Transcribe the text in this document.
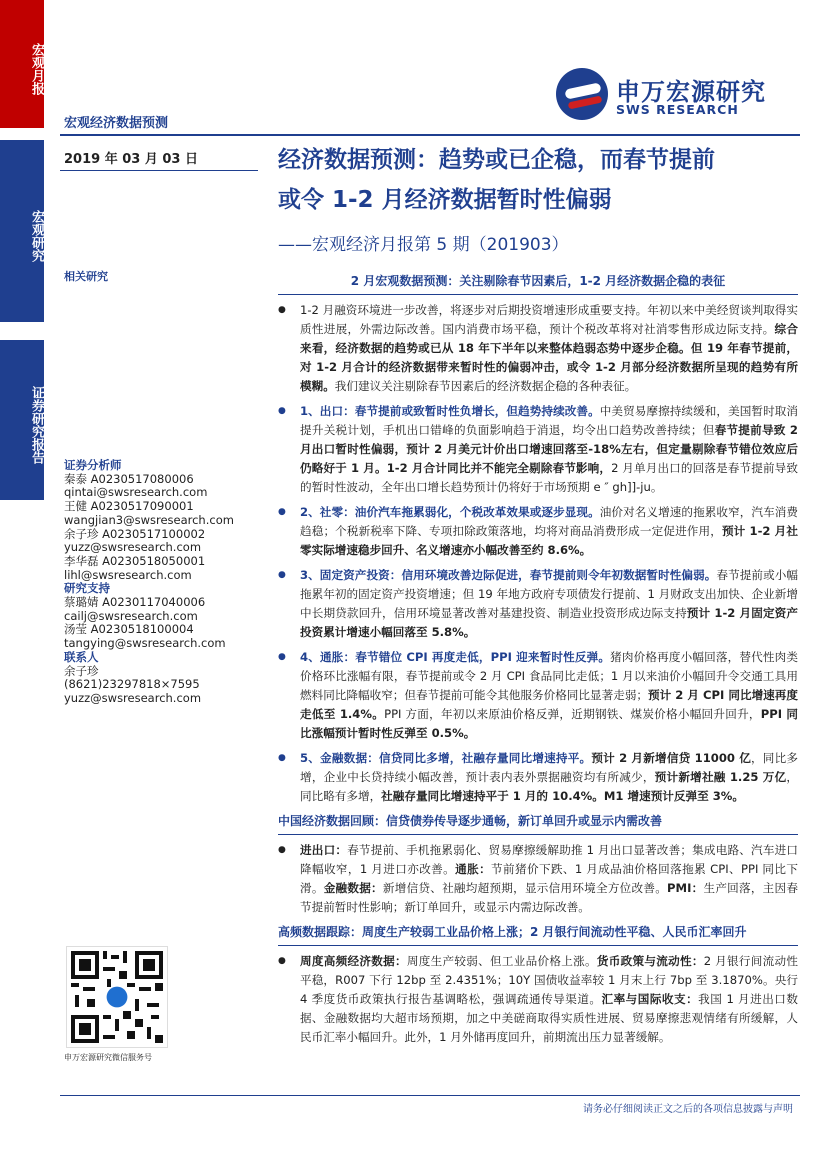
宏观月报
宏观研究
证券研究报告
申万宏源研究
SWS RESEARCH
宏观经济数据预测
2019 年 03 月 03 日	经济数据预测：趋势或已企稳，而春节提前
或令 1-2 月经济数据暂时性偏弱
——宏观经济月报第 5 期（201903）
相关研究
证券分析师
秦泰 A0230517080006
qintai@swsresearch.com
王健 A0230517090001
wangjian3@swsresearch.com
余子珍 A0230517100002
yuzz@swsresearch.com
李华磊 A0230518050001
lihl@swsresearch.com
研究支持
蔡璐婧 A0230117040006
cailj@swsresearch.com
汤莹 A0230518100004
tangying@swsresearch.com
联系人
余子珍
(8621)23297818×7595
yuzz@swsresearch.com
申万宏源研究微信服务号

2 月宏观数据预测：关注剔除春节因素后，1-2 月经济数据企稳的表征

● 1-2 月融资环境进一步改善，将逐步对后期投资增速形成重要支持。年初以来中美经贸谈判取得实质性进展，外需边际改善。国内消费市场平稳，预计个税改革将对社消零售形成边际支持。综合来看，经济数据的趋势或已从 18 年下半年以来整体趋弱态势中逐步企稳。但 19 年春节提前，对 1-2 月合计的经济数据带来暂时性的偏弱冲击，或令 1-2 月部分经济数据所呈现的趋势有所模糊。我们建议关注剔除春节因素后的经济数据企稳的各种表征。
● 1、出口：春节提前或致暂时性负增长，但趋势持续改善。中美贸易摩擦持续缓和，美国暂时取消提升关税计划，手机出口错峰的负面影响趋于消退，均令出口趋势改善持续；但春节提前导致 2 月出口暂时性偏弱，预计 2 月美元计价出口增速回落至-18%左右，但定量剔除春节错位效应后仍略好于 1 月。1-2 月合计同比并不能完全剔除春节影响，2 月单月出口的回落是春节提前导致的暂时性波动，全年出口增长趋势预计仍将好于市场预期 e ″ gh]]-ju。
● 2、社零：油价汽车拖累弱化，个税改革效果或逐步显现。油价对名义增速的拖累收窄，汽车消费趋稳；个税新税率下降、专项扣除政策落地，均将对商品消费形成一定促进作用，预计 1-2 月社零实际增速稳步回升、名义增速亦小幅改善至约 8.6%。
● 3、固定资产投资：信用环境改善边际促进，春节提前则令年初数据暂时性偏弱。春节提前或小幅拖累年初的固定资产投资增速；但 19 年地方政府专项债发行提前、1 月财政支出加快、企业新增中长期贷款回升，信用环境显著改善对基建投资、制造业投资形成边际支持预计 1-2 月固定资产投资累计增速小幅回落至 5.8%。
● 4、通胀：春节错位 CPI 再度走低，PPI 迎来暂时性反弹。猪肉价格再度小幅回落，替代性肉类价格环比涨幅有限，春节提前或令 2 月 CPI 食品同比走低；1 月以来油价小幅回升令交通工具用燃料同比降幅收窄；但春节提前可能令其他服务价格同比显著走弱；预计 2 月 CPI 同比增速再度走低至 1.4%。PPI 方面，年初以来原油价格反弹，近期钢铁、煤炭价格小幅回升回升，PPI 同比涨幅预计暂时性反弹至 0.5%。
● 5、金融数据：信贷同比多增，社融存量同比增速持平。预计 2 月新增信贷 11000 亿，同比多增，企业中长贷持续小幅改善，预计表内表外票据融资均有所减少，预计新增社融 1.25 万亿，同比略有多增，社融存量同比增速持平于 1 月的 10.4%。M1 增速预计反弹至 3%。

中国经济数据回顾：信贷债券传导逐步通畅，新订单回升或显示内需改善

● 进出口：春节提前、手机拖累弱化、贸易摩擦缓解助推 1 月出口显著改善；集成电路、汽车进口降幅收窄，1 月进口亦改善。通胀：节前猪价下跌、1 月成品油价格回落拖累 CPI、PPI 同比下滑。金融数据：新增信贷、社融均超预期，显示信用环境全方位改善。PMI：生产回落，主因春节提前暂时性影响；新订单回升，或显示内需边际改善。

高频数据跟踪：周度生产较弱工业品价格上涨；2 月银行间流动性平稳、人民币汇率回升

● 周度高频经济数据：周度生产较弱、但工业品价格上涨。货币政策与流动性：2 月银行间流动性平稳，R007 下行 12bp 至 2.4351%；10Y 国债收益率较 1 月末上行 7bp 至 3.1870%。央行 4 季度货币政策执行报告基调略松，强调疏通传导渠道。汇率与国际收支：我国 1 月进出口数据、金融数据均大超市场预期，加之中美磋商取得实质性进展、贸易摩擦悲观情绪有所缓解，人民币汇率小幅回升。此外，1 月外储再度回升，前期流出压力显著缓解。
请务必仔细阅读正文之后的各项信息披露与声明
